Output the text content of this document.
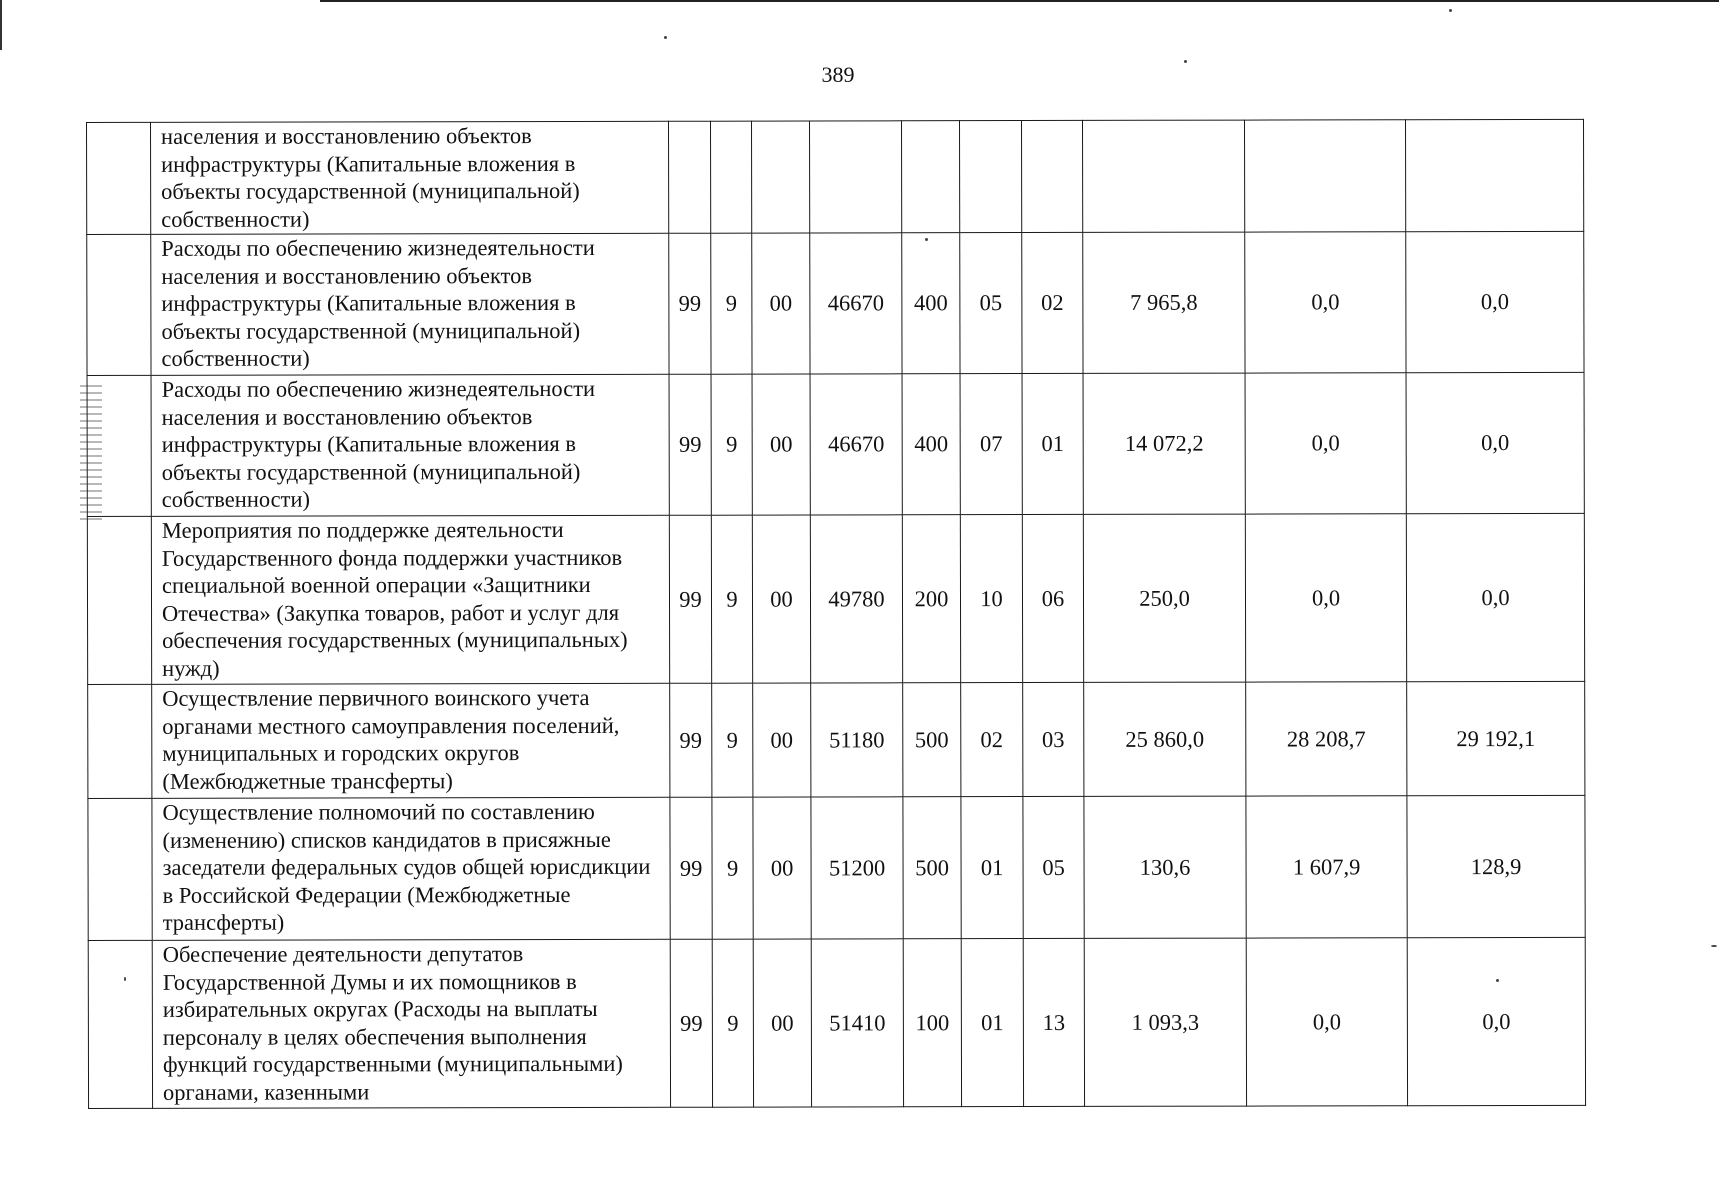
389
	населения и восстановлению объектов инфраструктуры (Капитальные вложения в объекты государственной (муниципальной) собственности)										
	Расходы по обеспечению жизнедеятельности населения и восстановлению объектов инфраструктуры (Капитальные вложения в объекты государственной (муниципальной) собственности)	99	9	00	46670	400	05	02	7 965,8	0,0	0,0
	Расходы по обеспечению жизнедеятельности населения и восстановлению объектов инфраструктуры (Капитальные вложения в объекты государственной (муниципальной) собственности)	99	9	00	46670	400	07	01	14 072,2	0,0	0,0
	Мероприятия по поддержке деятельности Государственного фонда поддержки участников специальной военной операции «Защитники Отечества» (Закупка товаров, работ и услуг для обеспечения государственных (муниципальных) нужд)	99	9	00	49780	200	10	06	250,0	0,0	0,0
	Осуществление первичного воинского учета органами местного самоуправления поселений, муниципальных и городских округов (Межбюджетные трансферты)	99	9	00	51180	500	02	03	25 860,0	28 208,7	29 192,1
	Осуществление полномочий по составлению (изменению) списков кандидатов в присяжные заседатели федеральных судов общей юрисдикции в Российской Федерации (Межбюджетные трансферты)	99	9	00	51200	500	01	05	130,6	1 607,9	128,9
	Обеспечение деятельности депутатов Государственной Думы и их помощников в избирательных округах (Расходы на выплаты персоналу в целях обеспечения выполнения функций государственными (муниципальными) органами, казенными	99	9	00	51410	100	01	13	1 093,3	0,0	0,0
